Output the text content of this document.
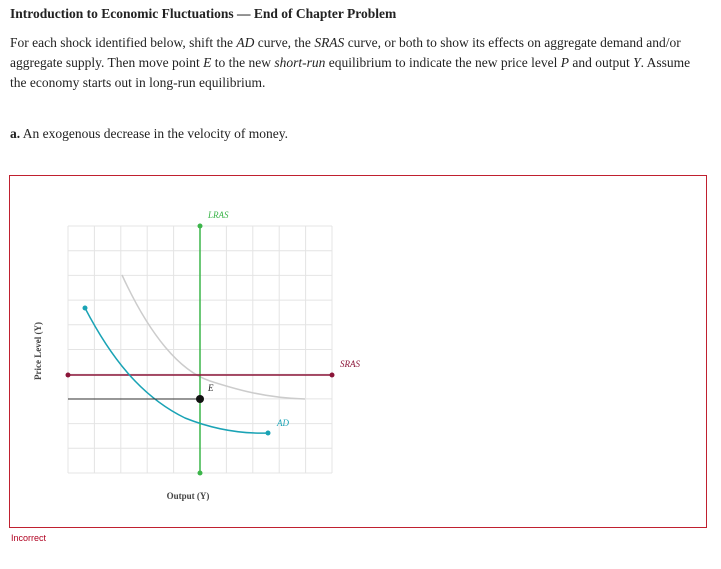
Introduction to Economic Fluctuations — End of Chapter Problem
For each shock identified below, shift the AD curve, the SRAS curve, or both to show its effects on aggregate demand and/or aggregate supply. Then move point E to the new short-run equilibrium to indicate the new price level P and output Y. Assume the economy starts out in long-run equilibrium.
a. An exogenous decrease in the velocity of money.
LRAS
SRAS
AD
E
Output (Y)
Price Level (Y)
Incorrect
